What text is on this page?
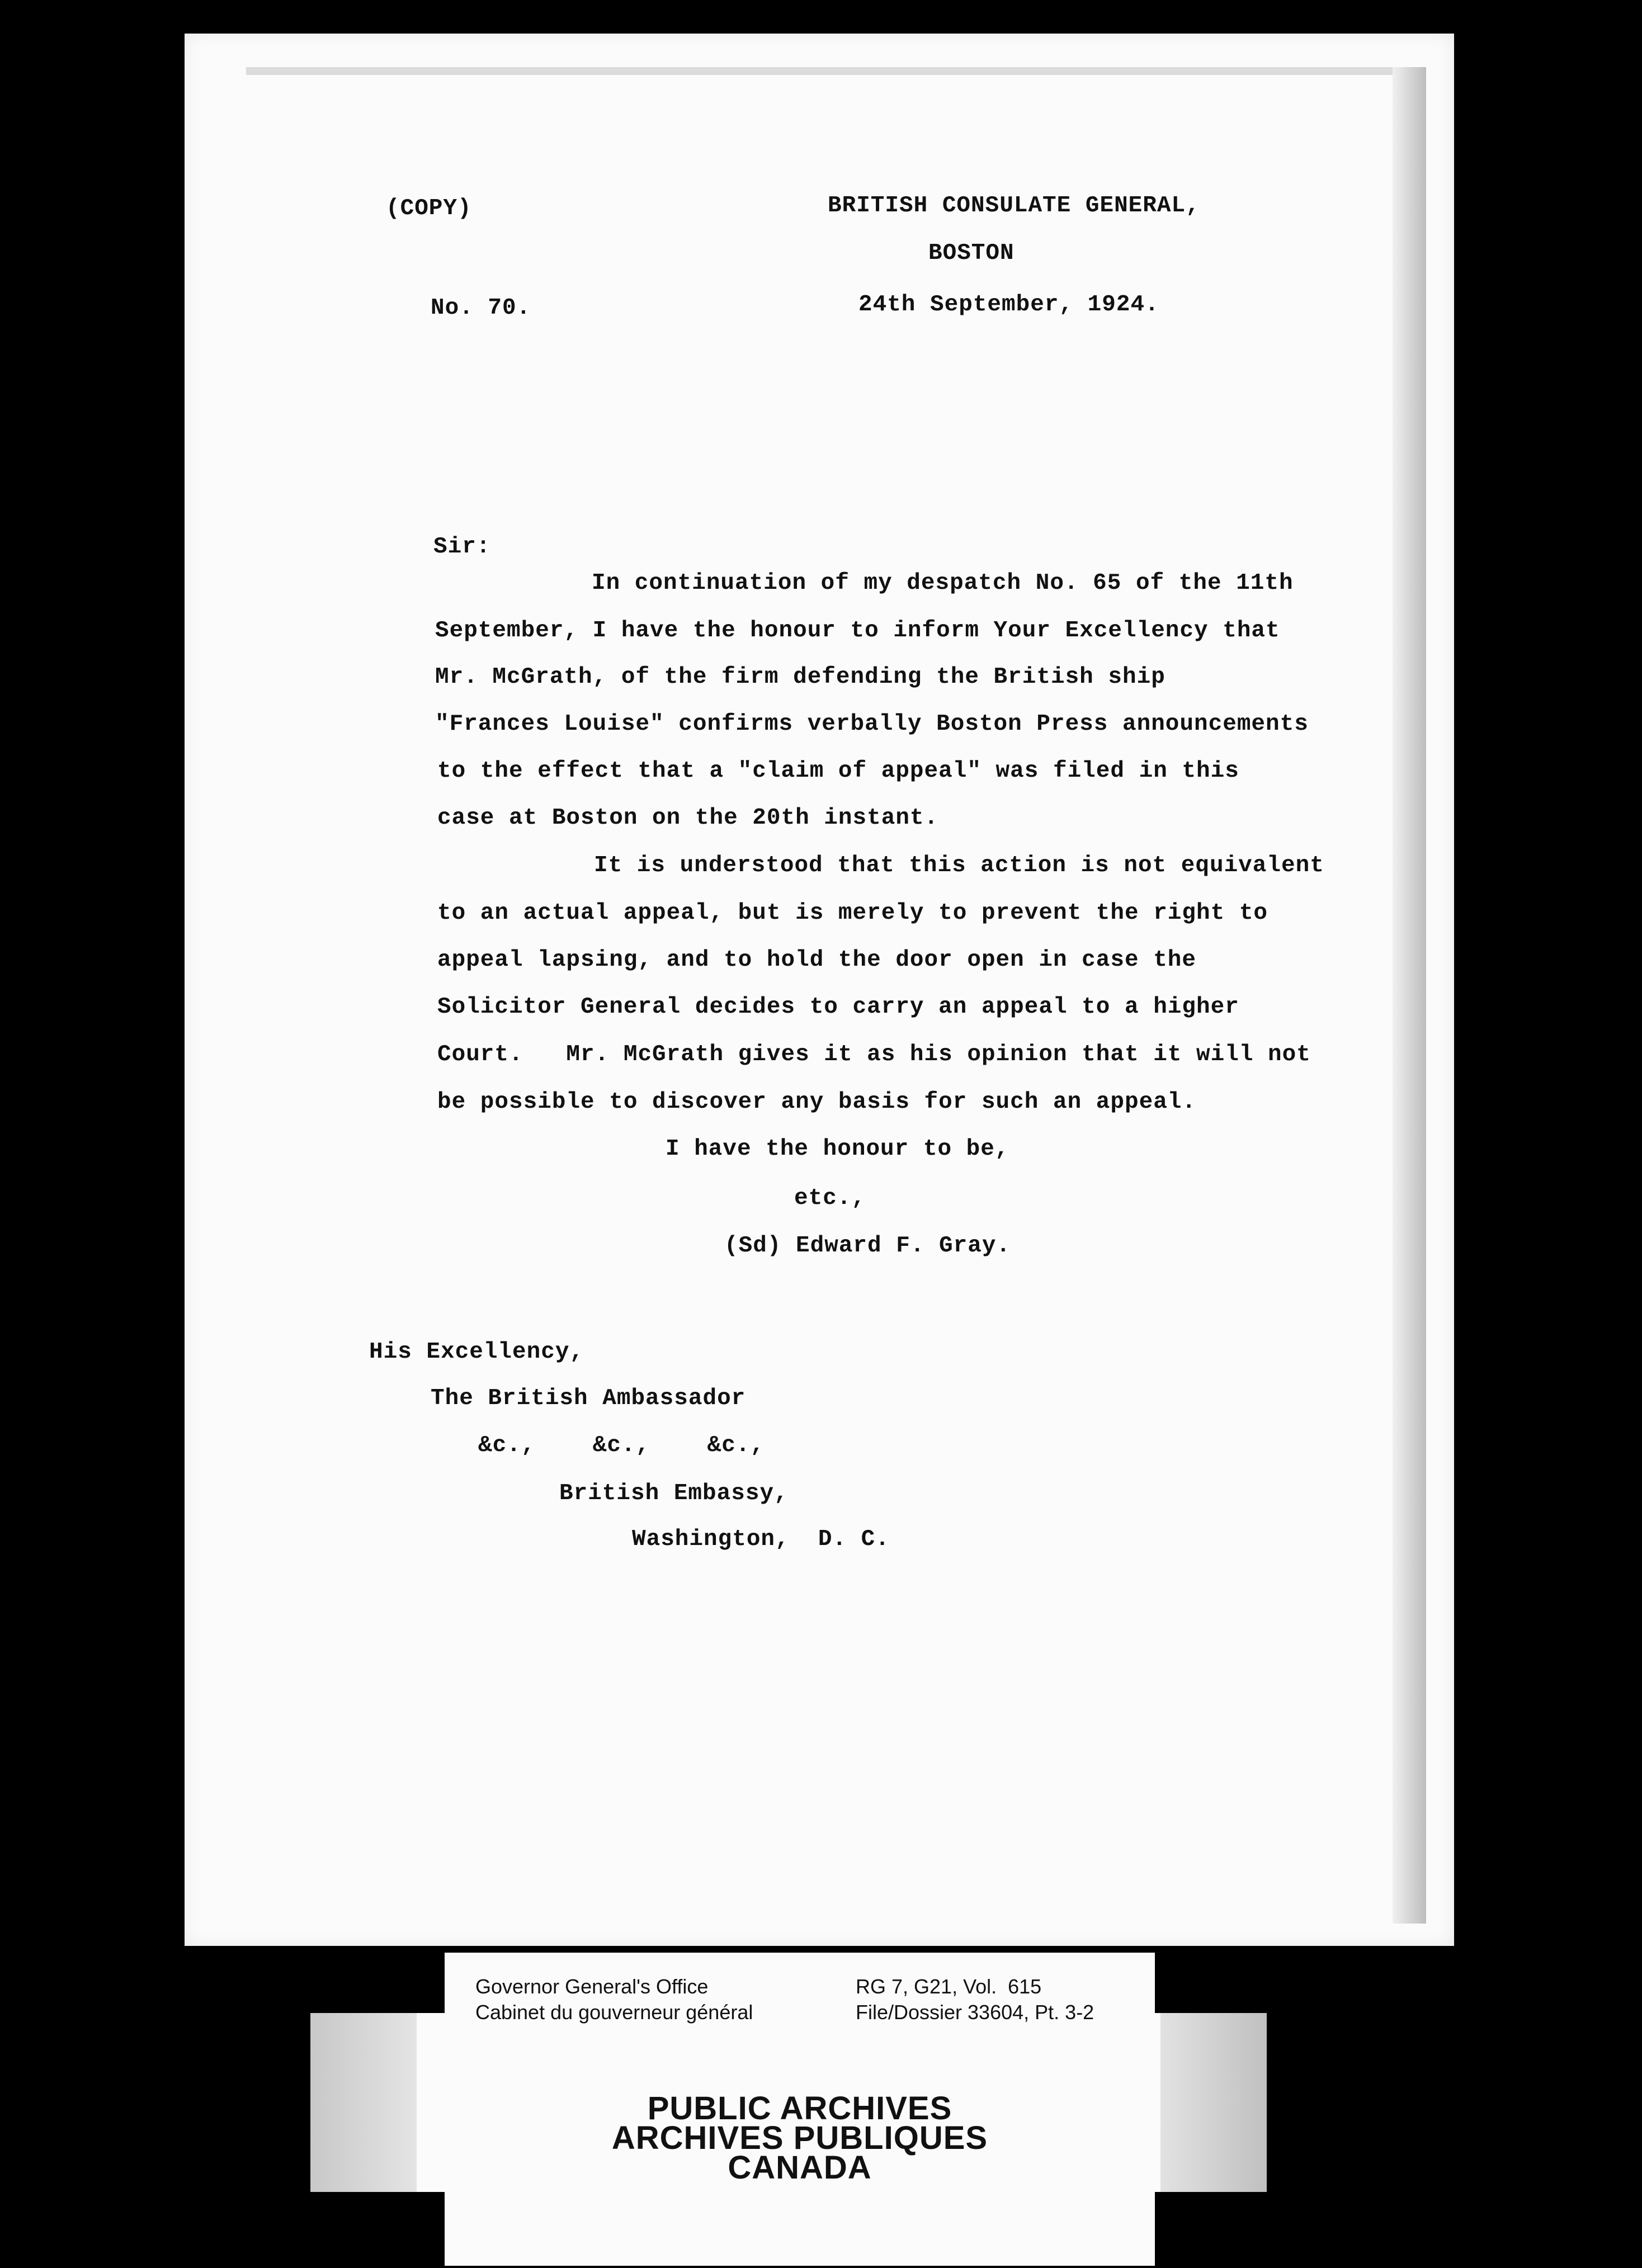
(COPY)	BRITISH CONSULATE GENERAL,
BOSTON
No. 70.	24th September, 1924.
Sir:
In continuation of my despatch No. 65 of the 11th
September, I have the honour to inform Your Excellency that
Mr. McGrath, of the firm defending the British ship
"Frances Louise" confirms verbally Boston Press announcements
to the effect that a "claim of appeal" was filed in this
case at Boston on the 20th instant.
It is understood that this action is not equivalent
to an actual appeal, but is merely to prevent the right to
appeal lapsing, and to hold the door open in case the
Solicitor General decides to carry an appeal to a higher
Court.   Mr. McGrath gives it as his opinion that it will not
be possible to discover any basis for such an appeal.
I have the honour to be,
etc.,
(Sd) Edward F. Gray.
His Excellency,
The British Ambassador
&c.,    &c.,    &c.,
British Embassy,
Washington,  D. C.
Governor General's Office
Cabinet du gouverneur général
RG 7, G21, Vol.  615
File/Dossier 33604, Pt. 3-2
PUBLIC ARCHIVES
ARCHIVES PUBLIQUES
CANADA
